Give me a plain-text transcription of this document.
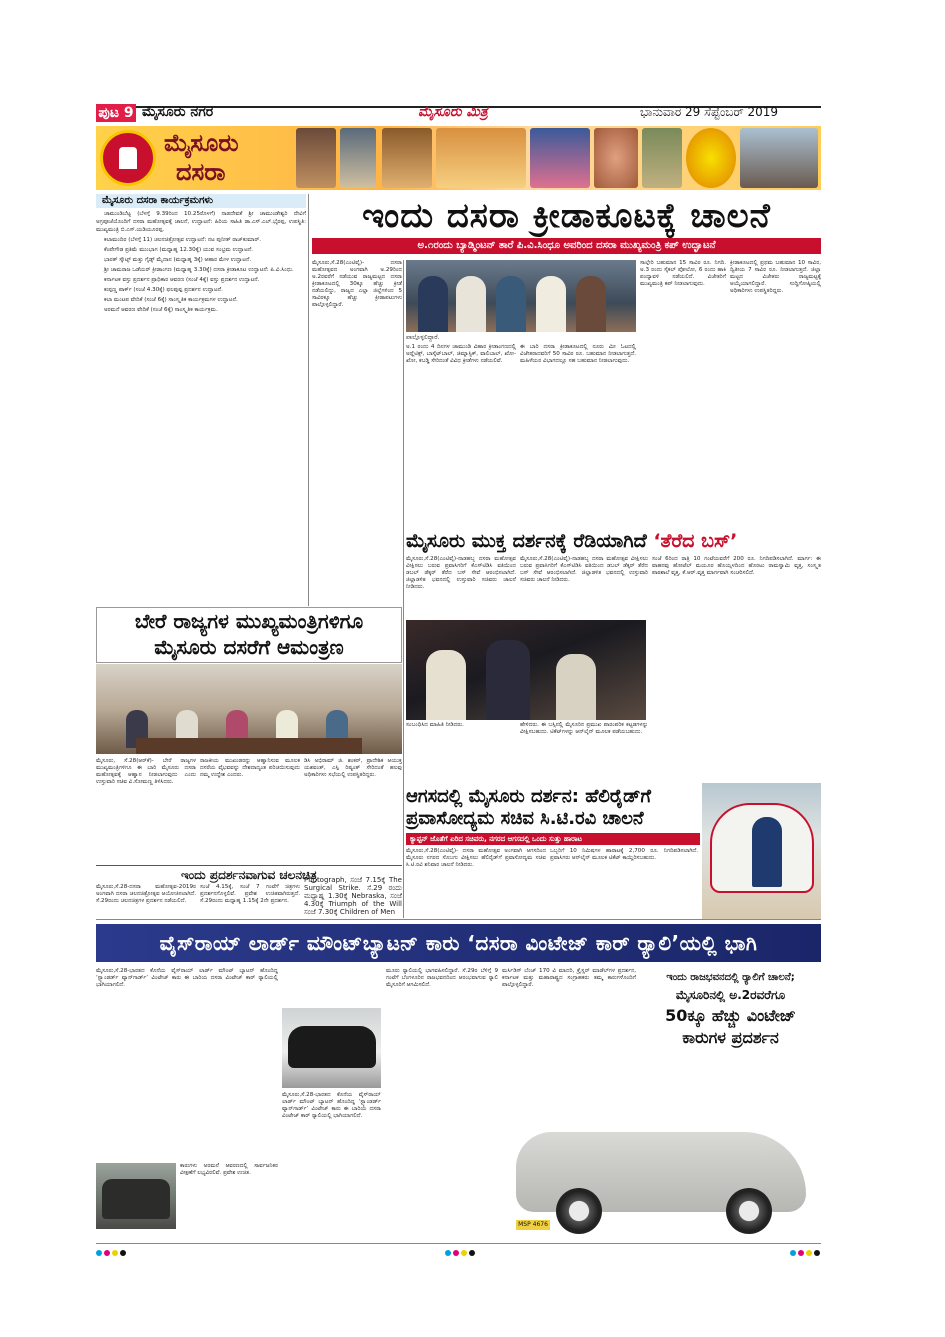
ಪುಟ 9 ಮೈಸೂರು ನಗರ	ಮೈಸೂರು ಮಿತ್ರ	ಭಾನುವಾರ 29 ಸೆಪ್ಟೆಂಬರ್ 2019
ಮೈಸೂರು
ದಸರಾ
ಮೈಸೂರು ದಸರಾ ಕಾರ್ಯಕ್ರಮಗಳು

ಚಾಮುಂಡಿಬೆಟ್ಟ (ಬೆಳಗ್ಗೆ 9.39ರಿಂದ 10.25ರೊಳಗೆ) ನಾಡದೇವತೆ ಶ್ರೀ ಚಾಮುಂಡೇಶ್ವರಿ ದೇವಿಗೆ ಅಗ್ರಪೂಜೆಯೊಂದಿಗೆ ದಸರಾ ಮಹೋತ್ಸವಕ್ಕೆ ಚಾಲನೆ, ಉದ್ಘಾಟನೆ: ಹಿರಿಯ ಸಾಹಿತಿ ಡಾ.ಎಸ್.ಎಲ್.ಭೈರಪ್ಪ, ಉಪಸ್ಥಿತಿ: ಮುಖ್ಯಮಂತ್ರಿ ಬಿ.ಎಸ್.ಯಡಿಯೂರಪ್ಪ.

ಕಲಾಮಂದಿರ (ಬೆಳಗ್ಗೆ 11) ಚಲನಚಿತ್ರೋತ್ಸವ ಉದ್ಘಾಟನೆ: ನಟ ಪುನೀತ್ ರಾಜ್‌ಕುಮಾರ್.

ಕೆಂಪೇಗೌಡ ಪ್ರತಿಮೆ ಮುಂಭಾಗ (ಮಧ್ಯಾಹ್ನ 12.30ಕ್ಕೆ) ಯುವ ಸಂಭ್ರಮ ಉದ್ಘಾಟನೆ.

ಭಾರತ್ ಸ್ಕೌಟ್ಸ್ ಮತ್ತು ಗೈಡ್ಸ್ ಮೈದಾನ (ಮಧ್ಯಾಹ್ನ 3ಕ್ಕೆ) ಆಹಾರ ಮೇಳ ಉದ್ಘಾಟನೆ.

ಶ್ರೀ ಚಾಮರಾಜ ಒಡೆಯರ್ ಕ್ರೀಡಾಂಗಣ (ಮಧ್ಯಾಹ್ನ 3.30ಕ್ಕೆ) ದಸರಾ ಕ್ರೀಡಾಕೂಟ ಉದ್ಘಾಟನೆ: ಪಿ.ವಿ.ಸಿಂಧು.

ಕರ್ನಾಟಕ ವಸ್ತು ಪ್ರದರ್ಶನ ಪ್ರಾಧಿಕಾರ ಆವರಣ (ಸಂಜೆ 4ಕ್ಕೆ) ವಸ್ತು ಪ್ರದರ್ಶನ ಉದ್ಘಾಟನೆ.

ಕುಪ್ಪಣ್ಣ ಪಾರ್ಕ್ (ಸಂಜೆ 4.30ಕ್ಕೆ) ಫಲಪುಷ್ಪ ಪ್ರದರ್ಶನ ಉದ್ಘಾಟನೆ.

ಕಲಾ ಮಂಟಪ ವೇದಿಕೆ (ಸಂಜೆ 6ಕ್ಕೆ) ಸಾಂಸ್ಕೃತಿಕ ಕಾರ್ಯಕ್ರಮಗಳ ಉದ್ಘಾಟನೆ.

ಅರಮನೆ ಆವರಣ ವೇದಿಕೆ (ಸಂಜೆ 6ಕ್ಕೆ) ಸಾಂಸ್ಕೃತಿಕ ಕಾರ್ಯಕ್ರಮ.

ಇಂದು ದಸರಾ ಕ್ರೀಡಾಕೂಟಕ್ಕೆ ಚಾಲನೆ
ಅ.೧ರಂದು ಬ್ಯಾಡ್ಮಿಂಟನ್ ತಾರೆ ಪಿ.ವಿ.ಸಿಂಧೂ ಅವರಿಂದ ದಸರಾ ಮುಖ್ಯಮಂತ್ರಿ ಕಪ್ ಉದ್ಘಾಟನೆ
ಮೈಸೂರು,ಸೆ.28(ಎಂಟಿವೈ)- ದಸರಾ ಮಹೋತ್ಸವದ ಅಂಗವಾಗಿ ಅ.29ರಿಂದ ಅ.2ರವರೆಗೆ ನಡೆಯುವ ರಾಜ್ಯಮಟ್ಟದ ದಸರಾ ಕ್ರೀಡಾಕೂಟದಲ್ಲಿ 30ಕ್ಕೂ ಹೆಚ್ಚು ಕ್ರೀಡೆ ನಡೆಯಲಿದ್ದು, ರಾಜ್ಯದ ಎಲ್ಲಾ ಜಿಲ್ಲೆಗಳಿಂದ 5 ಸಾವಿರಕ್ಕೂ ಹೆಚ್ಚು ಕ್ರೀಡಾಪಟುಗಳು ಪಾಲ್ಗೊಳ್ಳಲಿದ್ದಾರೆ.
ಪಾಲ್ಗೊಳ್ಳಲಿದ್ದಾರೆ.
ಅ.1 ರಂದು 4 ದಿನಗಳ ಚಾಮುಂಡಿ ವಿಹಾರ ಕ್ರೀಡಾಂಗಣದಲ್ಲಿ ಅಥ್ಲೆಟಿಕ್ಸ್, ಬಾಸ್ಕೆಟ್‌ಬಾಲ್, ಜಿಮ್ನಾಸ್ಟಿಕ್, ವಾಲಿಬಾಲ್, ಖೋ-ಖೋ, ಕಬಡ್ಡಿ ಸೇರಿದಂತೆ ವಿವಿಧ ಕ್ರೀಡೆಗಳು ನಡೆಯಲಿವೆ.
ಈ ಬಾರಿ ದಸರಾ ಕ್ರೀಡಾಕೂಟದಲ್ಲಿ ನೂರು ಮೀ ಓಟದಲ್ಲಿ ವಿಜೇತರಾದವರಿಗೆ 50 ಸಾವಿರ ರೂ. ಬಹುಮಾನ ನೀಡಲಾಗುತ್ತದೆ. ಮಹಿಳೆಯರ ವಿಭಾಗದಲ್ಲೂ ಸಹ ಬಹುಮಾನ ನೀಡಲಾಗುವುದು.
ಸಾಲ್ಗೇರಿ ಬಹುಮಾನ 15 ಸಾವಿರ ರೂ. ನಿಗದಿ. ಅ.3 ರಂದು ಸೈಕಲ್ ಪೋಲೋ, 6 ರಂದು ಹಾಕಿ ಪಂದ್ಯಾವಳಿ ನಡೆಯಲಿದೆ. ವಿಜೇತರಿಗೆ ಮುಖ್ಯಮಂತ್ರಿ ಕಪ್ ನೀಡಲಾಗುವುದು.
ಕ್ರೀಡಾಕೂಟದಲ್ಲಿ ಪ್ರಥಮ ಬಹುಮಾನ 10 ಸಾವಿರ, ದ್ವಿತೀಯ 7 ಸಾವಿರ ರೂ. ನೀಡಲಾಗುತ್ತದೆ. ಜಿಲ್ಲಾ ಮಟ್ಟದ ವಿಜೇತರು ರಾಜ್ಯಮಟ್ಟಕ್ಕೆ ಆಯ್ಕೆಯಾಗಲಿದ್ದಾರೆ. ಸುದ್ದಿಗೋಷ್ಠಿಯಲ್ಲಿ ಅಧಿಕಾರಿಗಳು ಉಪಸ್ಥಿತರಿದ್ದರು.
ಮೈಸೂರು ಮುಕ್ತ ದರ್ಶನಕ್ಕೆ ರೆಡಿಯಾಗಿದೆ ‘ತೆರೆದ ಬಸ್’
ಮೈಸೂರು,ಸೆ.28(ಎಂಟಿವೈ)-ನಾಡಹಬ್ಬ ದಸರಾ ಮಹೋತ್ಸವ ವೀಕ್ಷಿಸಲು ಬರುವ ಪ್ರವಾಸಿಗರಿಗೆ ಕೆಎಸ್‌ಟಿಡಿಸಿ ವತಿಯಿಂದ ಡಬಲ್ ಡೆಕ್ಕರ್ ತೆರೆದ ಬಸ್ ಸೇವೆ ಆರಂಭಿಸಲಾಗಿದೆ. ಜಿಲ್ಲಾಡಳಿತ ಭವನದಲ್ಲಿ ಉಸ್ತುವಾರಿ ಸಚಿವರು ಚಾಲನೆ ನೀಡಿದರು.
ಮೈಸೂರು,ಸೆ.28(ಎಂಟಿವೈ)-ನಾಡಹಬ್ಬ ದಸರಾ ಮಹೋತ್ಸವ ವೀಕ್ಷಿಸಲು ಬರುವ ಪ್ರವಾಸಿಗರಿಗೆ ಕೆಎಸ್‌ಟಿಡಿಸಿ ವತಿಯಿಂದ ಡಬಲ್ ಡೆಕ್ಕರ್ ತೆರೆದ ಬಸ್ ಸೇವೆ ಆರಂಭಿಸಲಾಗಿದೆ. ಜಿಲ್ಲಾಡಳಿತ ಭವನದಲ್ಲಿ ಉಸ್ತುವಾರಿ ಸಚಿವರು ಚಾಲನೆ ನೀಡಿದರು.
ಸಂಬಂಧಿಸಿದ ಮಾಹಿತಿ ನೀಡಿದರು.	ಹೇಳಿದರು. ಈ ಬಸ್ಸಿನಲ್ಲಿ ಮೈಸೂರಿನ ಪ್ರಮುಖ ಪಾರಂಪರಿಕ ಕಟ್ಟಡಗಳನ್ನು ವೀಕ್ಷಿಸಬಹುದು. ಟಿಕೆಟ್‌ಗಳನ್ನು ಆನ್‌ಲೈನ್ ಮೂಲಕ ಪಡೆಯಬಹುದು.
ಸಂಜೆ 6ರಿಂದ ರಾತ್ರಿ 10 ಗಂಟೆಯವರೆಗೆ 200 ರೂ. ನಿಗದಿಪಡಿಸಲಾಗಿದೆ. ಮಾರ್ಗ: ಈ ವಾಹನವು ಹೋಟೆಲ್ ಮಯೂರ ಹೊಯ್ಸಳದಿಂದ ಹೊರಟು ರಾಮಸ್ವಾಮಿ ವೃತ್ತ, ಸಂಸ್ಕೃತ ಪಾಠಶಾಲೆ ವೃತ್ತ, ಕೆ.ಆರ್.ವೃತ್ತ ಮಾರ್ಗವಾಗಿ ಸಂಚರಿಸಲಿದೆ.
ಬೇರೆ ರಾಜ್ಯಗಳ ಮುಖ್ಯಮಂತ್ರಿಗಳಿಗೂ
ಮೈಸೂರು ದಸರೆಗೆ ಆಮಂತ್ರಣ
ಮೈಸೂರು, ಸೆ.28(ಆರ್‌ಕೆ)- ಬೇರೆ ರಾಜ್ಯಗಳ ಮುಖ್ಯಮಂತ್ರಿಗಳಿಗೂ ಈ ಬಾರಿ ಮೈಸೂರು ದಸರಾ ಮಹೋತ್ಸವಕ್ಕೆ ಆಹ್ವಾನ ನೀಡಲಾಗುವುದು ಎಂದು ಉಸ್ತುವಾರಿ ಸಚಿವ ವಿ.ಸೋಮಣ್ಣ ತಿಳಿಸಿದರು.
ರಾಜಕೀಯ ಮುಖಂಡರನ್ನು ಆಹ್ವಾನಿಸುವ ಮೂಲಕ ದಸರೆಯ ವೈಭವವನ್ನು ದೇಶದಾದ್ಯಂತ ಪರಿಚಯಿಸುವುದು ನಮ್ಮ ಉದ್ದೇಶ ಎಂದರು.
ಡಿಸಿ ಅಭಿರಾಮ್ ಜಿ. ಶಂಕರ್, ಪ್ರಾದೇಶಿಕ ಆಯುಕ್ತ ಯಶವಂತ್, ಎಸ್ಪಿ ರಿಷ್ಯಂತ್ ಸೇರಿದಂತೆ ಹಲವು ಅಧಿಕಾರಿಗಳು ಸಭೆಯಲ್ಲಿ ಉಪಸ್ಥಿತರಿದ್ದರು.
ಇಂದು ಪ್ರದರ್ಶನವಾಗುವ ಚಲನಚಿತ್ರ
ಮೈಸೂರು,ಸೆ.28-ದಸರಾ ಮಹೋತ್ಸವ-2019ರ ಅಂಗವಾಗಿ ದಸರಾ ಚಲನಚಿತ್ರೋತ್ಸವ ಆಯೋಜಿಸಲಾಗಿದೆ. ಸೆ.29ರಂದು ಚಲನಚಿತ್ರಗಳ ಪ್ರದರ್ಶನ ನಡೆಯಲಿದೆ.
ಸಂಜೆ 4.15ಕ್ಕೆ, ಸಂಜೆ 7 ಗಂಟೆಗೆ ಚಿತ್ರಗಳು ಪ್ರದರ್ಶನಗೊಳ್ಳಲಿವೆ. ಪ್ರವೇಶ ಉಚಿತವಾಗಿರುತ್ತದೆ. ಸೆ.29ರಂದು ಮಧ್ಯಾಹ್ನ 1.15ಕ್ಕೆ 2ನೇ ಪ್ರದರ್ಶನ.
Photograph, ಸಂಜೆ 7.15ಕ್ಕೆ The Surgical Strike. ಸೆ.29 ರಂದು ಮಧ್ಯಾಹ್ನ 1.30ಕ್ಕೆ Nebraska, ಸಂಜೆ 4.30ಕ್ಕೆ Triumph of the Will ಸಂಜೆ 7.30ಕ್ಕೆ Children of Men
ಆಗಸದಲ್ಲಿ ಮೈಸೂರು ದರ್ಶನ: ಹೆಲಿರೈಡ್‌ಗೆ
ಪ್ರವಾಸೋದ್ಯಮ ಸಚಿವ ಸಿ.ಟಿ.ರವಿ ಚಾಲನೆ
ಕ್ಯಾಪ್ಟನ್ ಜೊತೆಗೆ ಏರಿದ ಸಚಿವರು, ನಗರದ ಆಗಸದಲ್ಲಿ ಒಂದು ಸುತ್ತು ಹಾರಾಟ
ಮೈಸೂರು,ಸೆ.28(ಎಂಟಿವೈ)- ದಸರಾ ಮಹೋತ್ಸವ ಅಂಗವಾಗಿ ಆಗಸದಿಂದ ಮೈಸೂರು ನಗರದ ಸೊಬಗು ವೀಕ್ಷಿಸಲು ಹೆಲಿರೈಡ್‌ಗೆ ಪ್ರವಾಸೋದ್ಯಮ ಸಚಿವ ಸಿ.ಟಿ.ರವಿ ಶನಿವಾರ ಚಾಲನೆ ನೀಡಿದರು.
ಒಬ್ಬರಿಗೆ 10 ನಿಮಿಷಗಳ ಹಾರಾಟಕ್ಕೆ 2,700 ರೂ. ನಿಗದಿಪಡಿಸಲಾಗಿದೆ. ಪ್ರವಾಸಿಗರು ಆನ್‌ಲೈನ್ ಮೂಲಕ ಟಿಕೆಟ್ ಕಾಯ್ದಿರಿಸಬಹುದು.
ವೈಸ್‌ರಾಯ್ ಲಾರ್ಡ್ ಮೌಂಟ್‌ಬ್ಯಾಟನ್ ಕಾರು ‘ದಸರಾ ವಿಂಟೇಜ್ ಕಾರ್ ರ‍್ಯಾಲಿ’ಯಲ್ಲಿ ಭಾಗಿ
ಮೈಸೂರು,ಸೆ.28-ಭಾರತದ ಕೊನೆಯ ವೈಸ್‌ರಾಯ್ ಲಾರ್ಡ್ ಮೌಂಟ್ ಬ್ಯಾಟನ್ ಹೊಂದಿದ್ದ ‘ಸ್ಟ್ಯಾಂಡರ್ಡ್ ವ್ಯಾನ್‌ಗಾರ್ಡ್’ ವಿಂಟೇಜ್ ಕಾರು ಈ ಬಾರಿಯ ದಸರಾ ವಿಂಟೇಜ್ ಕಾರ್ ರ‍್ಯಾಲಿಯಲ್ಲಿ ಭಾಗಿಯಾಗಲಿದೆ.
ಮೈಸೂರು,ಸೆ.28-ಭಾರತದ ಕೊನೆಯ ವೈಸ್‌ರಾಯ್ ಲಾರ್ಡ್ ಮೌಂಟ್ ಬ್ಯಾಟನ್ ಹೊಂದಿದ್ದ ‘ಸ್ಟ್ಯಾಂಡರ್ಡ್ ವ್ಯಾನ್‌ಗಾರ್ಡ್’ ವಿಂಟೇಜ್ ಕಾರು ಈ ಬಾರಿಯ ದಸರಾ ವಿಂಟೇಜ್ ಕಾರ್ ರ‍್ಯಾಲಿಯಲ್ಲಿ ಭಾಗಿಯಾಗಲಿದೆ.
ಕಾರುಗಳು ಅರಮನೆ ಆವರಣದಲ್ಲಿ ಸಾರ್ವಜನಿಕರ ವೀಕ್ಷಣೆಗೆ ಲಭ್ಯವಿರಲಿವೆ. ಪ್ರವೇಶ ಉಚಿತ.
ಮೂರು ರ‍್ಯಾಲಿಯಲ್ಲಿ ಭಾಗವಹಿಸಲಿದ್ದಾರೆ. ಸೆ.29ರ ಬೆಳಿಗ್ಗೆ 9 ಗಂಟೆಗೆ ಬೆಂಗಳೂರಿನ ರಾಜಭವನದಿಂದ ಆರಂಭವಾಗುವ ರ‍್ಯಾಲಿ ಮೈಸೂರಿಗೆ ಆಗಮಿಸಲಿದೆ.
ಮರ್ಸಿಡಿಸ್ ಬೆಂಜ್ 170 ವಿ ಮಾದರಿ, ಕ್ರೈಸ್ಲರ್ ಮಾಡೆಲ್‌ಗಳ ಪ್ರದರ್ಶನ, ಕರ್ನಾಟಕ ಮತ್ತು ಮಹಾರಾಷ್ಟ್ರದ ಸಂಗ್ರಾಹಕರು ತಮ್ಮ ಕಾರುಗಳೊಂದಿಗೆ ಪಾಲ್ಗೊಳ್ಳಲಿದ್ದಾರೆ.
ಇಂದು ರಾಜಭವನದಲ್ಲಿ ರ‍್ಯಾಲಿಗೆ ಚಾಲನೆ;
ಮೈಸೂರಿನಲ್ಲಿ ಅ.2ರವರೆಗೂ
50ಕ್ಕೂ ಹೆಚ್ಚು ವಿಂಟೇಜ್
ಕಾರುಗಳ ಪ್ರದರ್ಶನ
MSP 4676
